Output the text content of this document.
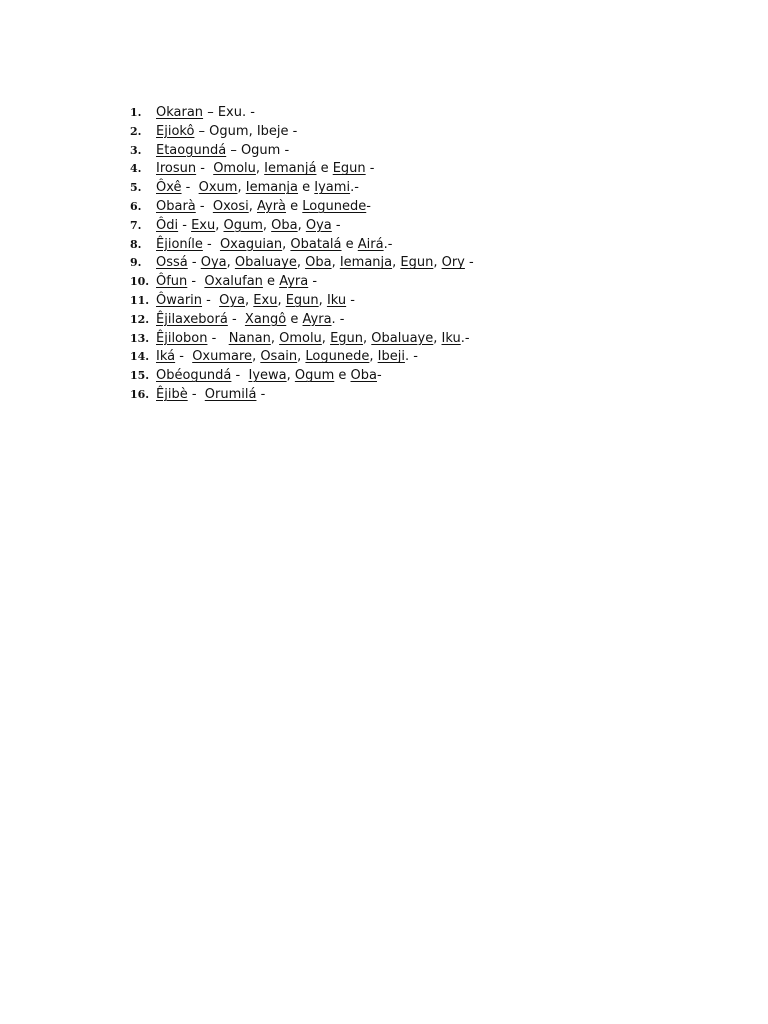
1. Okaran – Exu. -
2. Ejiokô – Ogum, Ibeje -
3. Etaogundá – Ogum -
4. Irosun -  Omolu, Iemanjá e Egun -
5. Ôxê -  Oxum, Iemanja e Iyami.-
6. Obarà -  Oxosi, Ayrà e Logunede-
7. Ôdi - Exu, Ogum, Oba, Oya -
8. Êjioníle -  Oxaguian, Obatalá e Airá.-
9. Ossá - Oya, Obaluaye, Oba, Iemanja, Egun, Ory -
10. Ôfun -  Oxalufan e Ayra -
11. Ôwarin -  Oya, Exu, Egun, Iku -
12. Êjilaxeborá -  Xangô e Ayra. -
13. Êjilobon -   Nanan, Omolu, Egun, Obaluaye, Iku.-
14. Iká -  Oxumare, Osain, Logunede, Ibeji. -
15. Obéogundá -  Iyewa, Ogum e Oba-
16. Êjibè -  Orumilá -
